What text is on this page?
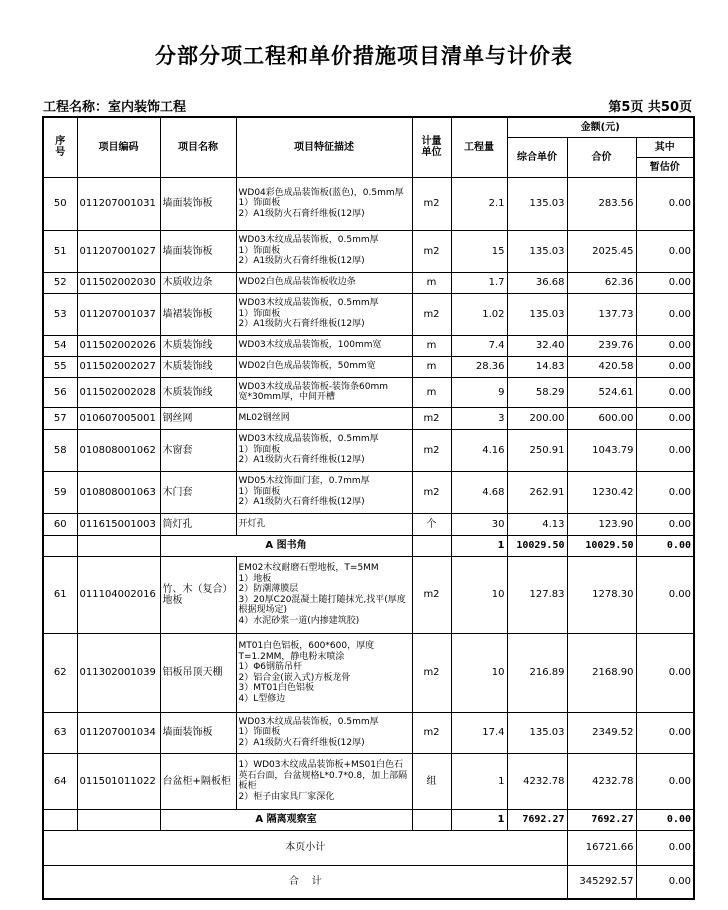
分部分项工程和单价措施项目清单与计价表
工程名称：室内装饰工程	第5页 共50页
序号	项目编码	项目名称	项目特征描述	计量单位	工程量	金额(元)		
						综合单价	合价	其中
								暂估价
50	011207001031	墙面装饰板	WD04彩色成品装饰板(蓝色)，0.5mm厚
1）饰面板
2）A1级防火石膏纤维板(12厚)	m2	2.1	135.03	283.56	0.00
51	011207001027	墙面装饰板	WD03木纹成品装饰板，0.5mm厚
1）饰面板
2）A1级防火石膏纤维板(12厚)	m2	15	135.03	2025.45	0.00
52	011502002030	木质收边条	WD02白色成品装饰板收边条	m	1.7	36.68	62.36	0.00
53	011207001037	墙裙装饰板	WD03木纹成品装饰板，0.5mm厚
1）饰面板
2）A1级防火石膏纤维板(12厚)	m2	1.02	135.03	137.73	0.00
54	011502002026	木质装饰线	WD03木纹成品装饰板，100mm宽	m	7.4	32.40	239.76	0.00
55	011502002027	木质装饰线	WD02白色成品装饰板，50mm宽	m	28.36	14.83	420.58	0.00
56	011502002028	木质装饰线	WD03木纹成品装饰板-装饰条60mm
宽*30mm厚，中间开槽	m	9	58.29	524.61	0.00
57	010607005001	钢丝网	ML02钢丝网	m2	3	200.00	600.00	0.00
58	010808001062	木窗套	WD03木纹成品装饰板，0.5mm厚
1）饰面板
2）A1级防火石膏纤维板(12厚)	m2	4.16	250.91	1043.79	0.00
59	010808001063	木门套	WD05木纹饰面门套，0.7mm厚
1）饰面板
2）A1级防火石膏纤维板(12厚)	m2	4.68	262.91	1230.42	0.00
60	011615001003	筒灯孔	开灯孔	个	30	4.13	123.90	0.00
		A 图书角			1	10029.50	10029.50	0.00
61	011104002016	竹、木（复合）地板	EM02木纹耐磨石塑地板，T=5MM
1）地板
2）防潮薄膜层
3）20厚C20混凝土随打随抹光,找平(厚度根据现场定)
4）水泥砂浆一道(内掺建筑胶)	m2	10	127.83	1278.30	0.00
62	011302001039	铝板吊顶天棚	MT01白色铝板，600*600，厚度T=1.2MM，静电粉末喷涂
1）Φ6钢筋吊杆
2）铝合金(嵌入式)方板龙骨
3）MT01白色铝板
4）L型修边	m2	10	216.89	2168.90	0.00
63	011207001034	墙面装饰板	WD03木纹成品装饰板，0.5mm厚
1）饰面板
2）A1级防火石膏纤维板(12厚)	m2	17.4	135.03	2349.52	0.00
64	011501011022	台盆柜+隔板柜	1）WD03木纹成品装饰板+MS01白色石英石台面，台盆规格L*0.7*0.8，加上部隔板柜
2）柜子由家具厂家深化	组	1	4232.78	4232.78	0.00
		A 隔离观察室			1	7692.27	7692.27	0.00
本页小计							16721.66	0.00
合    计							345292.57	0.00
